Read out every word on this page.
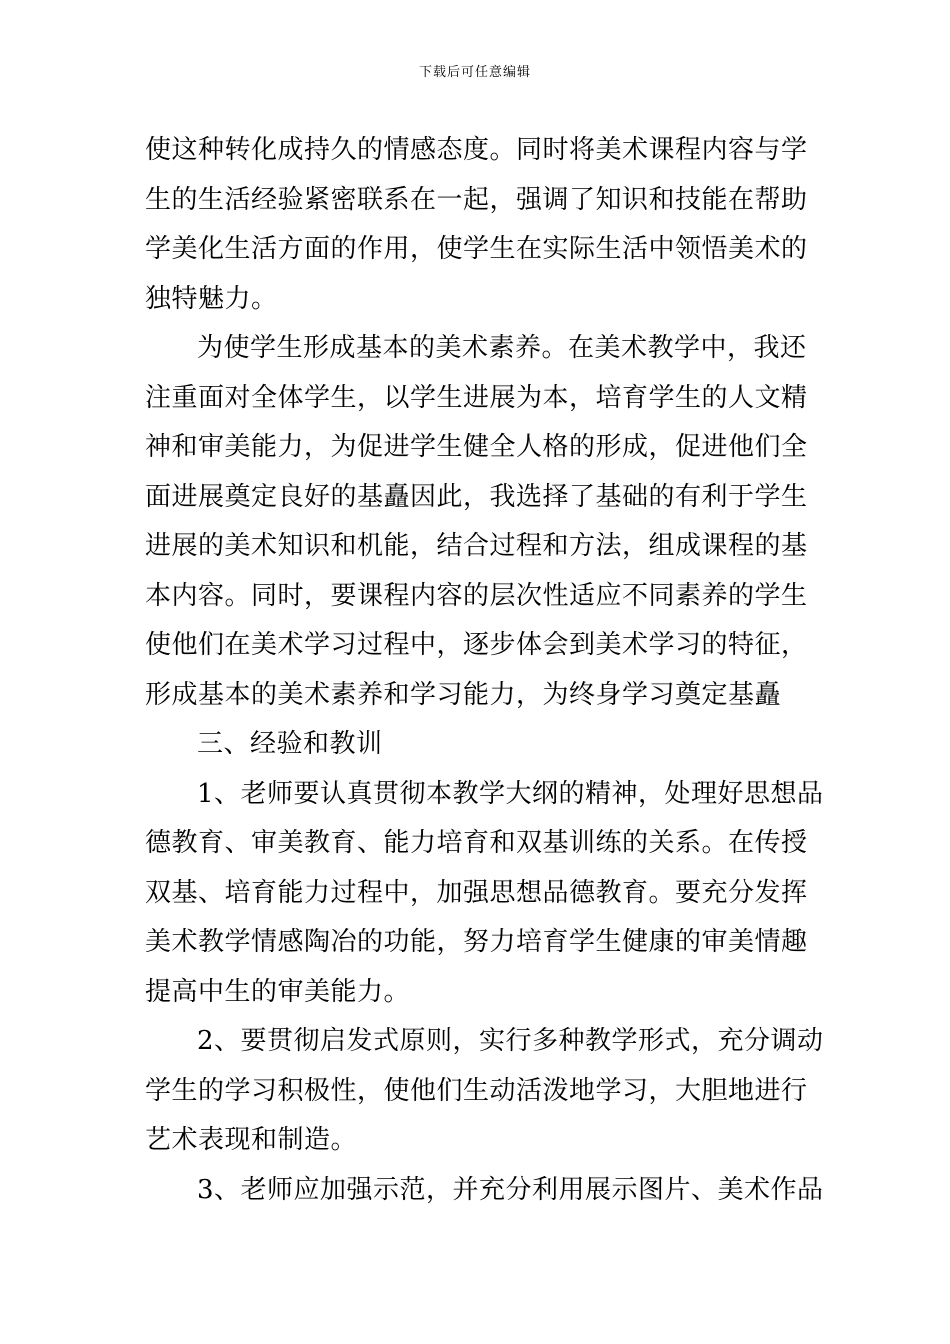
下载后可任意编辑
使这种转化成持久的情感态度。同时将美术课程内容与学
生的生活经验紧密联系在一起，强调了知识和技能在帮助
学美化生活方面的作用，使学生在实际生活中领悟美术的
独特魅力。
为使学生形成基本的美术素养。在美术教学中，我还
注重面对全体学生，以学生进展为本，培育学生的人文精
神和审美能力，为促进学生健全人格的形成，促进他们全
面进展奠定良好的基矗因此，我选择了基础的有利于学生
进展的美术知识和机能，结合过程和方法，组成课程的基
本内容。同时，要课程内容的层次性适应不同素养的学生
使他们在美术学习过程中，逐步体会到美术学习的特征，
形成基本的美术素养和学习能力，为终身学习奠定基矗
三、经验和教训
1、老师要认真贯彻本教学大纲的精神，处理好思想品
德教育、审美教育、能力培育和双基训练的关系。在传授
双基、培育能力过程中，加强思想品德教育。要充分发挥
美术教学情感陶冶的功能，努力培育学生健康的审美情趣
提高中生的审美能力。
2、要贯彻启发式原则，实行多种教学形式，充分调动
学生的学习积极性，使他们生动活泼地学习，大胆地进行
艺术表现和制造。
3、老师应加强示范，并充分利用展示图片、美术作品
